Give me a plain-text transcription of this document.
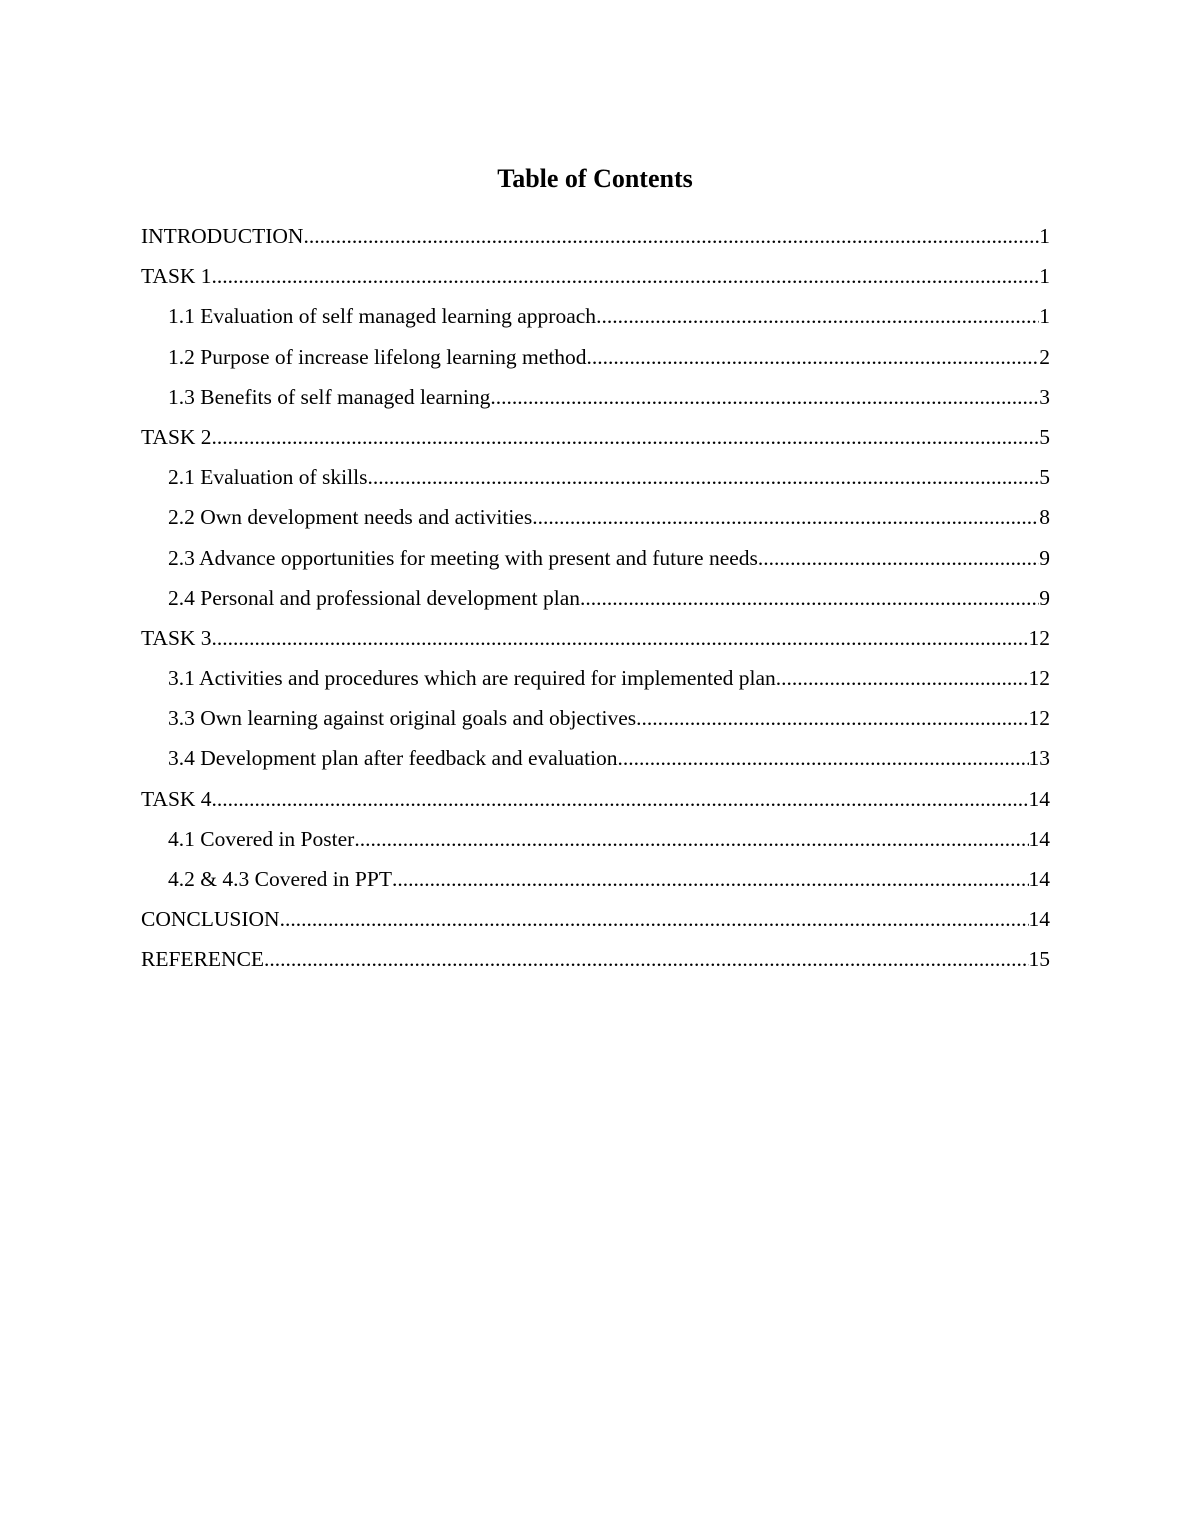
Table of Contents
INTRODUCTION .....	1
TASK 1 .....	1
1.1 Evaluation of self managed learning approach .....	1
1.2 Purpose of increase lifelong learning method .....	2
1.3 Benefits of self managed learning .....	3
TASK 2 .....	5
2.1 Evaluation of skills .....	5
2.2 Own development needs and activities .....	8
2.3 Advance opportunities for meeting with present and future needs .....	9
2.4 Personal and professional development plan .....	9
TASK 3 .....	12
3.1 Activities and procedures which are required for implemented plan .....	12
3.3 Own learning against original goals and objectives .....	12
3.4 Development plan after feedback and evaluation .....	13
TASK 4 .....	14
4.1 Covered in Poster .....	14
4.2 & 4.3 Covered in PPT .....	14
CONCLUSION .....	14
REFERENCE .....	15
